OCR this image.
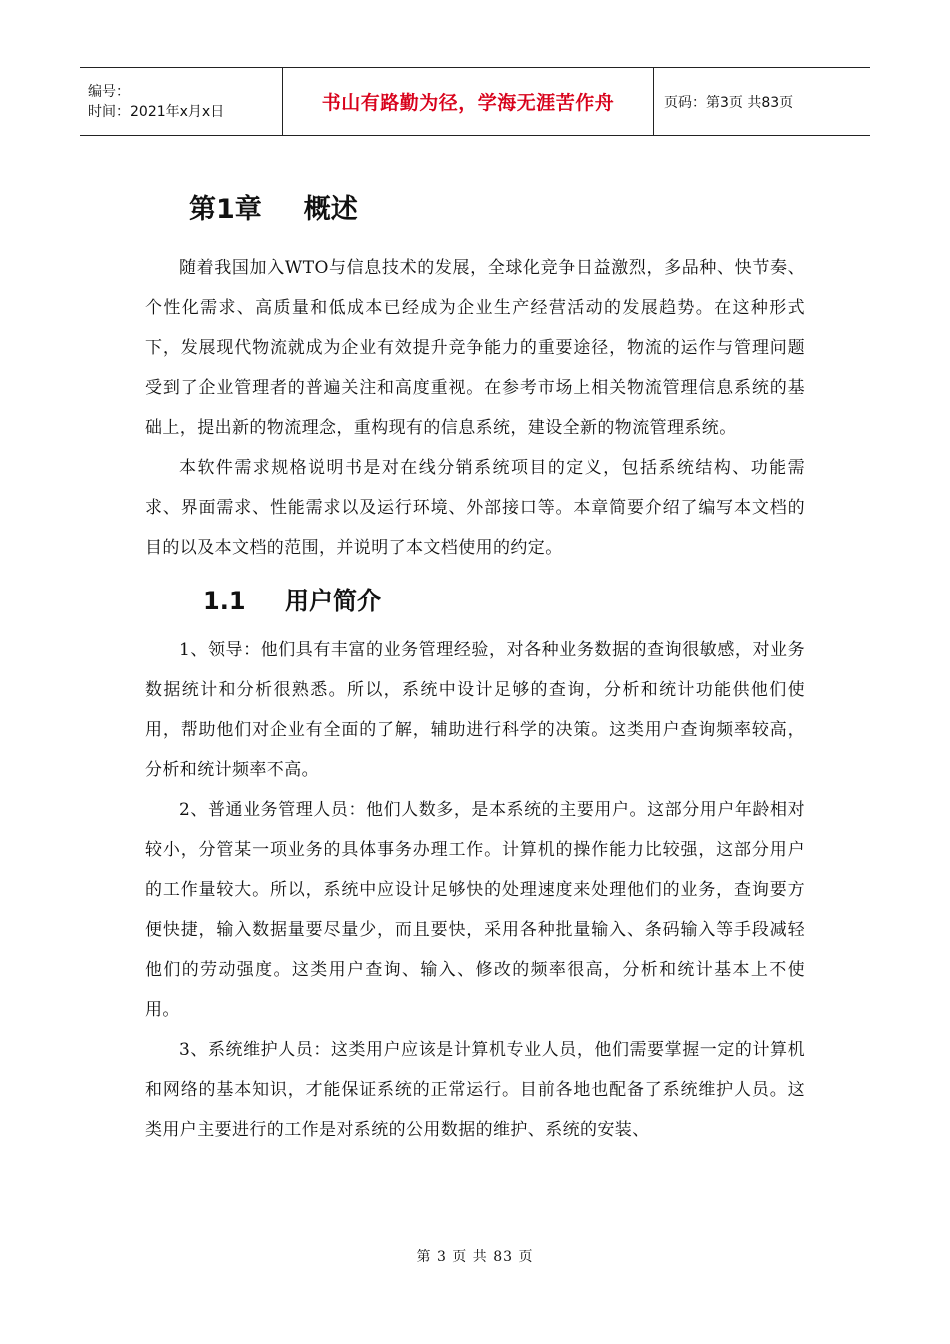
编号：
时间：2021年x月x日	书山有路勤为径，学海无涯苦作舟	页码：第3页 共83页
第1章 概述

随着我国加入WTO与信息技术的发展，全球化竞争日益激烈，多品种、快节奏、个性化需求、高质量和低成本已经成为企业生产经营活动的发展趋势。在这种形式下，发展现代物流就成为企业有效提升竞争能力的重要途径，物流的运作与管理问题受到了企业管理者的普遍关注和高度重视。在参考市场上相关物流管理信息系统的基础上，提出新的物流理念，重构现有的信息系统，建设全新的物流管理系统。

本软件需求规格说明书是对在线分销系统项目的定义，包括系统结构、功能需求、界面需求、性能需求以及运行环境、外部接口等。本章简要介绍了编写本文档的目的以及本文档的范围，并说明了本文档使用的约定。

1.1	用户简介

1、领导：他们具有丰富的业务管理经验，对各种业务数据的查询很敏感，对业务数据统计和分析很熟悉。所以，系统中设计足够的查询，分析和统计功能供他们使用，帮助他们对企业有全面的了解，辅助进行科学的决策。这类用户查询频率较高，分析和统计频率不高。

2、普通业务管理人员：他们人数多，是本系统的主要用户。这部分用户年龄相对较小，分管某一项业务的具体事务办理工作。计算机的操作能力比较强，这部分用户的工作量较大。所以，系统中应设计足够快的处理速度来处理他们的业务，查询要方便快捷，输入数据量要尽量少，而且要快，采用各种批量输入、条码输入等手段减轻他们的劳动强度。这类用户查询、输入、修改的频率很高，分析和统计基本上不使用。

3、系统维护人员：这类用户应该是计算机专业人员，他们需要掌握一定的计算机和网络的基本知识，才能保证系统的正常运行。目前各地也配备了系统维护人员。这类用户主要进行的工作是对系统的公用数据的维护、系统的安装、

第 3 页 共 83 页
